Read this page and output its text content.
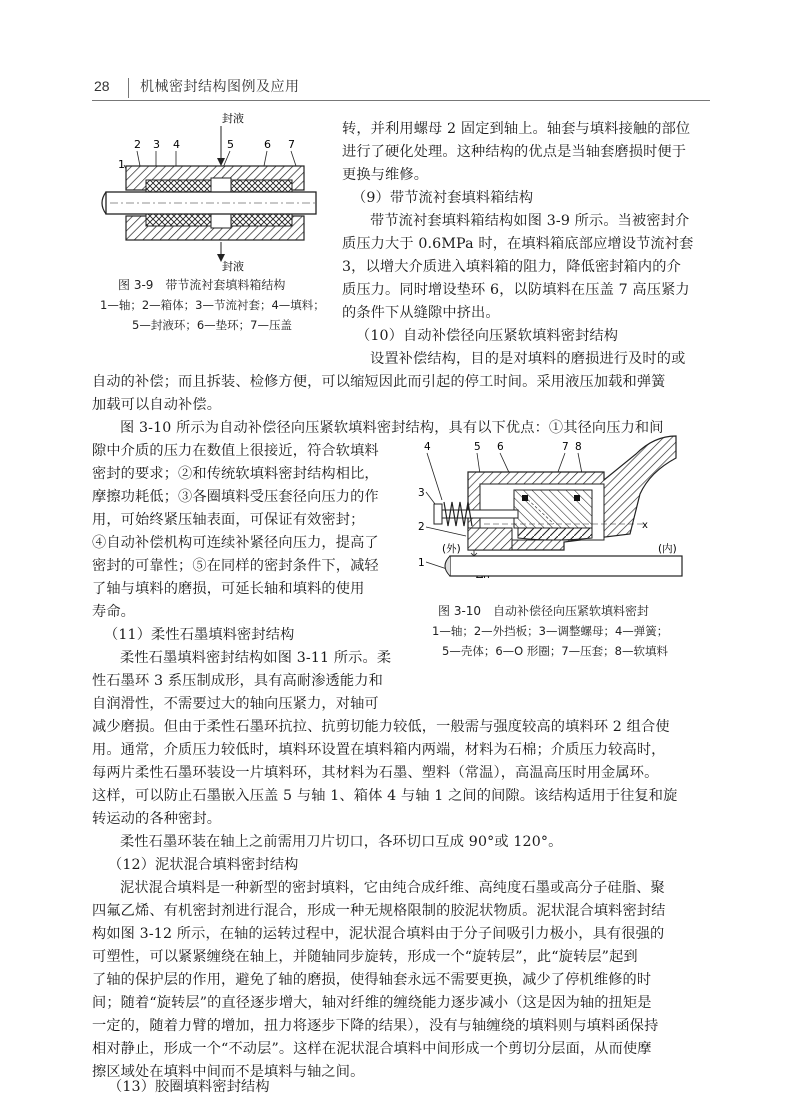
28 机械密封结构图例及应用
2 3 4	5	6 7
1
封液
封液
图 3-9　带节流衬套填料箱结构
1—轴；2—箱体；3—节流衬套；4—填料；
5—封液环；6—垫环；7—压盖
转，并利用螺母 2 固定到轴上。轴套与填料接触的部位
进行了硬化处理。这种结构的优点是当轴套磨损时便于
更换与维修。
（9）带节流衬套填料箱结构
带节流衬套填料箱结构如图 3-9 所示。当被密封介
质压力大于 0.6MPa 时，在填料箱底部应增设节流衬套
3，以增大介质进入填料箱的阻力，降低密封箱内的介
质压力。同时增设垫环 6，以防填料在压盖 7 高压紧力
的条件下从缝隙中挤出。
（10）自动补偿径向压紧软填料密封结构
设置补偿结构，目的是对填料的磨损进行及时的或
自动的补偿；而且拆装、检修方便，可以缩短因此而引起的停工时间。采用液压加载和弹簧
加载可以自动补偿。
图 3-10 所示为自动补偿径向压紧软填料密封结构，具有以下优点：①其径向压力和间
隙中介质的压力在数值上很接近，符合软填料
密封的要求；②和传统软填料密封结构相比，
摩擦功耗低；③各圈填料受压套径向压力的作
用，可始终紧压轴表面，可保证有效密封；
④自动补偿机构可连续补紧径向压力，提高了
密封的可靠性；⑤在同样的密封条件下，减轻
了轴与填料的磨损，可延长轴和填料的使用
寿命。
（11）柔性石墨填料密封结构
柔性石墨填料密封结构如图 3-11 所示。柔
性石墨环 3 系压制成形，具有高耐渗透能力和
自润滑性，不需要过大的轴向压紧力，对轴可
4	5 6	7 8
3
2
1
(外)	(内)
x
图 3-10　自动补偿径向压紧软填料密封
1—轴；2—外挡板；3—调整螺母；4—弹簧；
5—壳体；6—O 形圈；7—压套；8—软填料
减少磨损。但由于柔性石墨环抗拉、抗剪切能力较低，一般需与强度较高的填料环 2 组合使
用。通常，介质压力较低时，填料环设置在填料箱内两端，材料为石棉；介质压力较高时，
每两片柔性石墨环装设一片填料环，其材料为石墨、塑料（常温），高温高压时用金属环。
这样，可以防止石墨嵌入压盖 5 与轴 1、箱体 4 与轴 1 之间的间隙。该结构适用于往复和旋
转运动的各种密封。
柔性石墨环装在轴上之前需用刀片切口，各环切口互成 90°或 120°。
（12）泥状混合填料密封结构
泥状混合填料是一种新型的密封填料，它由纯合成纤维、高纯度石墨或高分子硅脂、聚
四氟乙烯、有机密封剂进行混合，形成一种无规格限制的胶泥状物质。泥状混合填料密封结
构如图 3-12 所示，在轴的运转过程中，泥状混合填料由于分子间吸引力极小，具有很强的
可塑性，可以紧紧缠绕在轴上，并随轴同步旋转，形成一个“旋转层”，此“旋转层”起到
了轴的保护层的作用，避免了轴的磨损，使得轴套永远不需要更换，减少了停机维修的时
间；随着“旋转层”的直径逐步增大，轴对纤维的缠绕能力逐步减小（这是因为轴的扭矩是
一定的，随着力臂的增加，扭力将逐步下降的结果），没有与轴缠绕的填料则与填料函保持
相对静止，形成一个“不动层”。这样在泥状混合填料中间形成一个剪切分层面，从而使摩
擦区域处在填料中间而不是填料与轴之间。
（13）胶圈填料密封结构
